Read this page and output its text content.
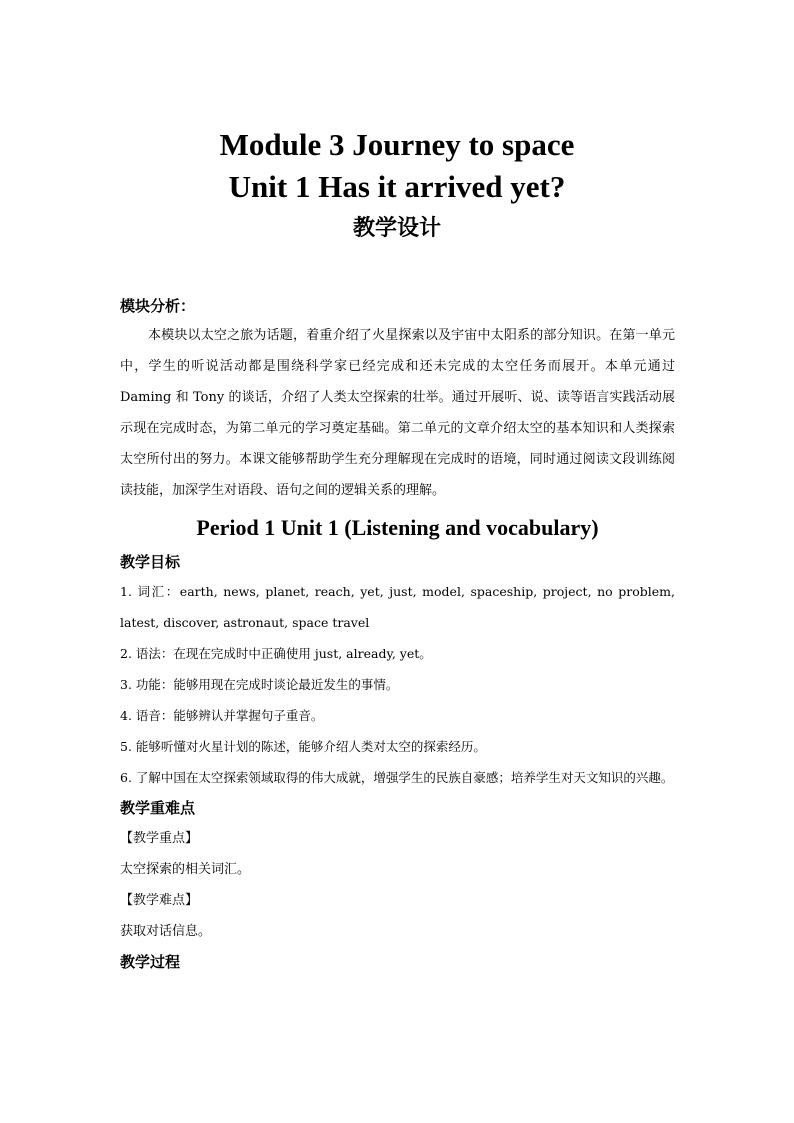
Module 3 Journey to space
Unit 1 Has it arrived yet?
教学设计

模块分析：

本模块以太空之旅为话题，着重介绍了火星探索以及宇宙中太阳系的部分知识。在第一单元中，学生的听说活动都是围绕科学家已经完成和还未完成的太空任务而展开。本单元通过 Daming 和 Tony 的谈话，介绍了人类太空探索的壮举。通过开展听、说、读等语言实践活动展示现在完成时态，为第二单元的学习奠定基础。第二单元的文章介绍太空的基本知识和人类探索太空所付出的努力。本课文能够帮助学生充分理解现在完成时的语境，同时通过阅读文段训练阅读技能，加深学生对语段、语句之间的逻辑关系的理解。

Period 1 Unit 1 (Listening and vocabulary)

教学目标

1. 词汇：earth, news, planet, reach, yet, just, model, spaceship, project, no problem, latest, discover, astronaut, space travel

2. 语法：在现在完成时中正确使用 just, already, yet。

3. 功能：能够用现在完成时谈论最近发生的事情。

4. 语音：能够辨认并掌握句子重音。

5. 能够听懂对火星计划的陈述，能够介绍人类对太空的探索经历。

6. 了解中国在太空探索领域取得的伟大成就，增强学生的民族自豪感；培养学生对天文知识的兴趣。

教学重难点

【教学重点】

太空探索的相关词汇。

【教学难点】

获取对话信息。

教学过程
